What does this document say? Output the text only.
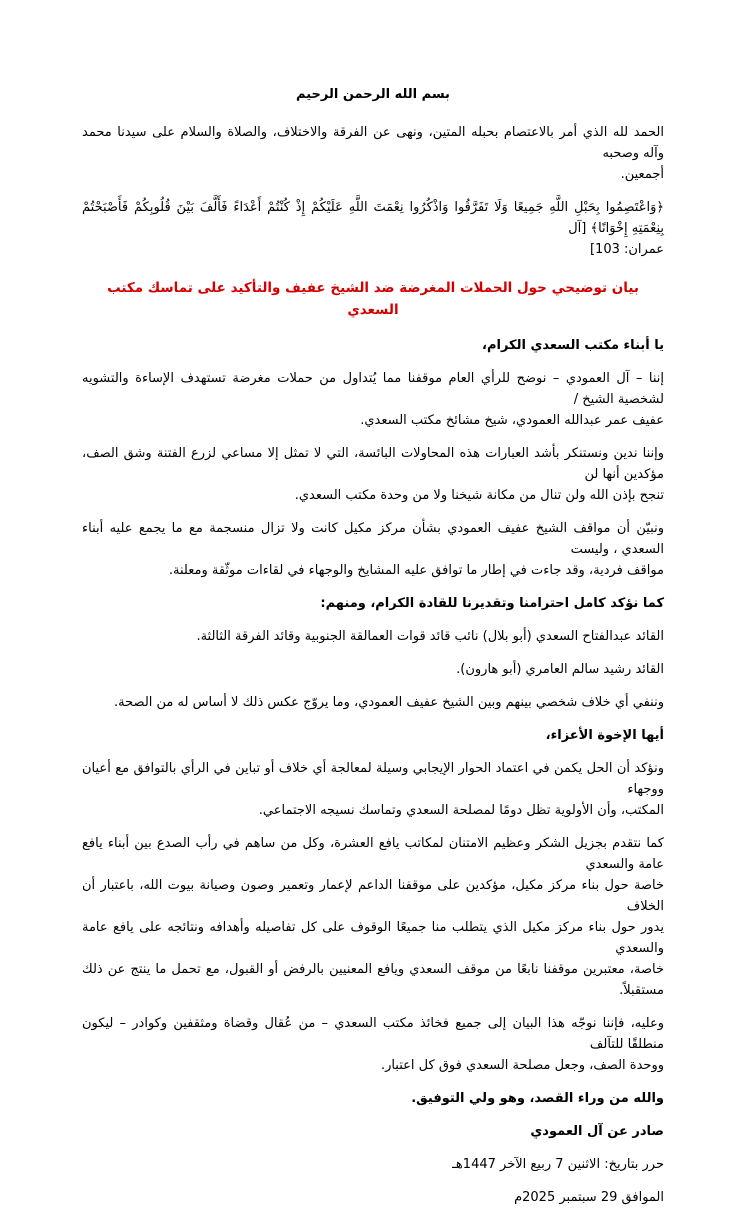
بسم الله الرحمن الرحيم

الحمد لله الذي أمر بالاعتصام بحبله المتين، ونهى عن الفرقة والاختلاف، والصلاة والسلام على سيدنا محمد وآله وصحبه

أجمعين.

﴿وَاعْتَصِمُوا بِحَبْلِ اللَّهِ جَمِيعًا وَلَا تَفَرَّقُوا وَاذْكُرُوا نِعْمَتَ اللَّهِ عَلَيْكُمْ إِذْ كُنْتُمْ أَعْدَاءً فَأَلَّفَ بَيْنَ قُلُوبِكُمْ فَأَصْبَحْتُمْ بِنِعْمَتِهِ إِخْوَانًا﴾ [آل

عمران: 103]

بيان توضيحي حول الحملات المغرضة ضد الشيخ عفيف والتأكيد على تماسك مكتب السعدي

يا أبناء مكتب السعدي الكرام،

إننا – آل العمودي – نوضح للرأي العام موقفنا مما يُتداول من حملات مغرضة تستهدف الإساءة والتشويه لشخصية الشيخ /

عفيف عمر عبدالله العمودي، شيخ مشائخ مكتب السعدي.

وإننا ندين ونستنكر بأشد العبارات هذه المحاولات البائسة، التي لا تمثل إلا مساعي لزرع الفتنة وشق الصف، مؤكدين أنها لن

تنجح بإذن الله ولن تنال من مكانة شيخنا ولا من وحدة مكتب السعدي.

ونبيّن أن مواقف الشيخ عفيف العمودي بشأن مركز مكيل كانت ولا تزال منسجمة مع ما يجمع عليه أبناء السعدي ، وليست

مواقف فردية، وقد جاءت في إطار ما توافق عليه المشايخ والوجهاء في لقاءات موثّقة ومعلنة.

كما نؤكد كامل احترامنا وتقديرنا للقادة الكرام، ومنهم:

القائد عبدالفتاح السعدي (أبو بلال) نائب قائد قوات العمالقة الجنوبية وقائد الفرقة الثالثة.

القائد رشيد سالم العامري (أبو هارون).

وننفي أي خلاف شخصي بينهم وبين الشيخ عفيف العمودي، وما يروّج عكس ذلك لا أساس له من الصحة.

أيها الإخوة الأعزاء،

ونؤكد أن الحل يكمن في اعتماد الحوار الإيجابي وسيلة لمعالجة أي خلاف أو تباين في الرأي بالتوافق مع أعيان ووجهاء

المكتب، وأن الأولوية تظل دومًا لمصلحة السعدي وتماسك نسيجه الاجتماعي.

كما نتقدم بجزيل الشكر وعظيم الامتنان لمكاتب يافع العشرة، وكل من ساهم في رأب الصدع بين أبناء يافع عامة والسعدي

خاصة حول بناء مركز مكيل، مؤكدين على موقفنا الداعم لإعمار وتعمير وصون وصيانة بيوت الله، باعتبار أن الخلاف

يدور حول بناء مركز مكيل الذي يتطلب منا جميعًا الوقوف على كل تفاصيله وأهدافه ونتائجه على يافع عامة والسعدي

خاصة، معتبرين موقفنا نابعًا من موقف السعدي ويافع المعنيين بالرفض أو القبول، مع تحمل ما ينتج عن ذلك مستقبلاً.

وعليه، فإننا نوجّه هذا البيان إلى جميع فخائذ مكتب السعدي – من عُقال وقضاة ومثقفين وكوادر – ليكون منطلقًا للتآلف

ووحدة الصف، وجعل مصلحة السعدي فوق كل اعتبار.

والله من وراء القصد، وهو ولي التوفيق.

صادر عن آل العمودي

حرر بتاريخ: الاثنين 7 ربيع الآخر 1447هـ

الموافق 29 سبتمبر 2025م
